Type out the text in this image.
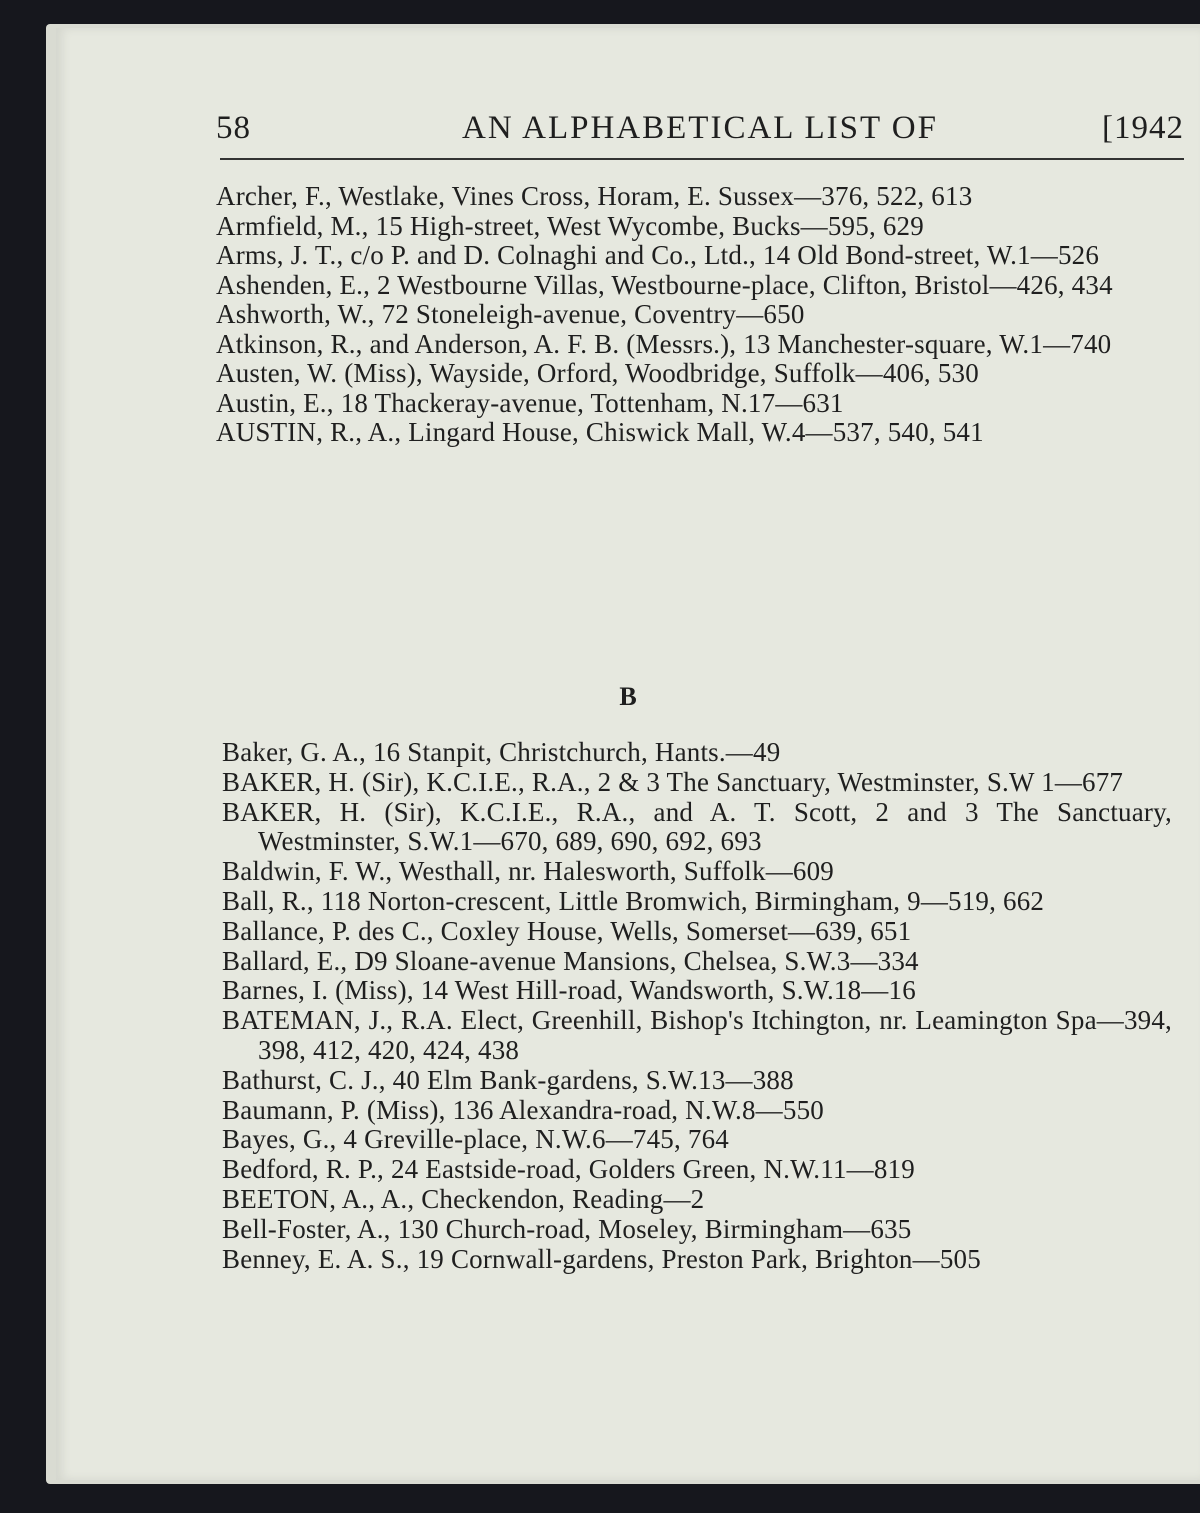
58	AN ALPHABETICAL LIST OF	[1942
Archer, F., Westlake, Vines Cross, Horam, E. Sussex—376, 522, 613
Armfield, M., 15 High-street, West Wycombe, Bucks—595, 629
Arms, J. T., c/o P. and D. Colnaghi and Co., Ltd., 14 Old Bond-street, W.1—526
Ashenden, E., 2 Westbourne Villas, Westbourne-place, Clifton, Bristol—426, 434
Ashworth, W., 72 Stoneleigh-avenue, Coventry—650
Atkinson, R., and Anderson, A. F. B. (Messrs.), 13 Manchester-square, W.1—740
Austen, W. (Miss), Wayside, Orford, Woodbridge, Suffolk—406, 530
Austin, E., 18 Thackeray-avenue, Tottenham, N.17—631
AUSTIN, R., A., Lingard House, Chiswick Mall, W.4—537, 540, 541
B
Baker, G. A., 16 Stanpit, Christchurch, Hants.—49
BAKER, H. (Sir), K.C.I.E., R.A., 2 & 3 The Sanctuary, Westminster, S.W 1—677
BAKER, H. (Sir), K.C.I.E., R.A., and A. T. Scott, 2 and 3 The Sanctuary, Westminster, S.W.1—670, 689, 690, 692, 693
Baldwin, F. W., Westhall, nr. Halesworth, Suffolk—609
Ball, R., 118 Norton-crescent, Little Bromwich, Birmingham, 9—519, 662
Ballance, P. des C., Coxley House, Wells, Somerset—639, 651
Ballard, E., D9 Sloane-avenue Mansions, Chelsea, S.W.3—334
Barnes, I. (Miss), 14 West Hill-road, Wandsworth, S.W.18—16
BATEMAN, J., R.A. Elect, Greenhill, Bishop's Itchington, nr. Leamington Spa—394, 398, 412, 420, 424, 438
Bathurst, C. J., 40 Elm Bank-gardens, S.W.13—388
Baumann, P. (Miss), 136 Alexandra-road, N.W.8—550
Bayes, G., 4 Greville-place, N.W.6—745, 764
Bedford, R. P., 24 Eastside-road, Golders Green, N.W.11—819
BEETON, A., A., Checkendon, Reading—2
Bell-Foster, A., 130 Church-road, Moseley, Birmingham—635
Benney, E. A. S., 19 Cornwall-gardens, Preston Park, Brighton—505
